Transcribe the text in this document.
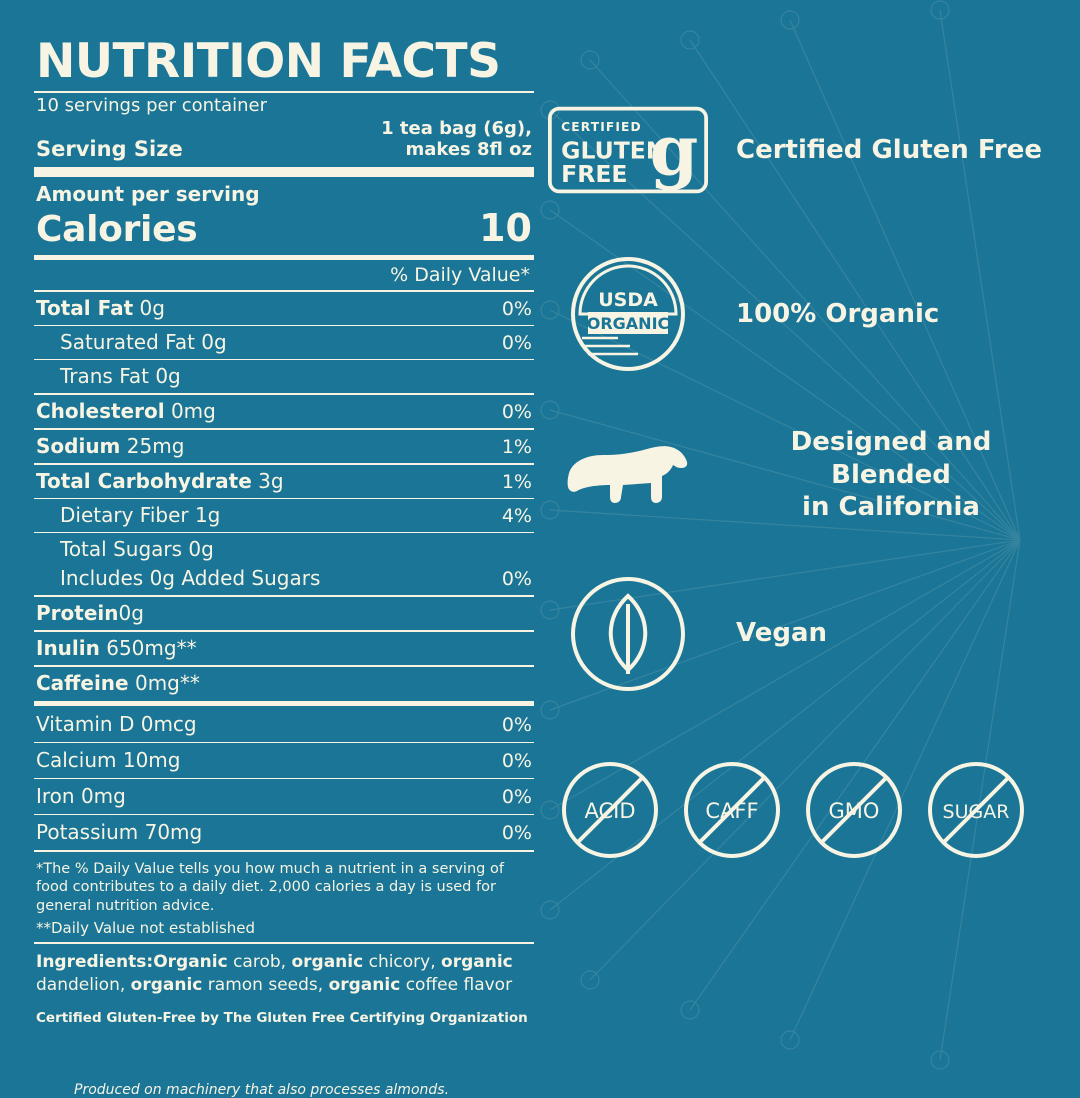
NUTRITION FACTS
10 servings per container
Serving Size
1 tea bag (6g),
makes 8fl oz
Amount per serving
Calories	10
% Daily Value*
Total Fat 0g	0%
Saturated Fat 0g	0%
Trans Fat 0g
Cholesterol 0mg	0%
Sodium 25mg	1%
Total Carbohydrate 3g	1%
Dietary Fiber 1g	4%
Total Sugars 0g
Includes 0g Added Sugars	0%
Protein0g
Inulin 650mg**
Caffeine 0mg**
Vitamin D 0mcg	0%
Calcium 10mg	0%
Iron 0mg	0%
Potassium 70mg	0%
*The % Daily Value tells you how much a nutrient in a serving of food contributes to a daily diet. 2,000 calories a day is used for general nutrition advice.
**Daily Value not established
Ingredients:Organic carob, organic chicory, organic dandelion, organic ramon seeds, organic coffee flavor
Certified Gluten-Free by The Gluten Free Certifying Organization
Produced on machinery that also processes almonds.
CERTIFIED
GLUTEN
FREE g Certified Gluten Free
USDA
ORGANIC	100% Organic
Designed and Blended
in California
Vegan
ACID	CAFF	GMO	SUGAR
